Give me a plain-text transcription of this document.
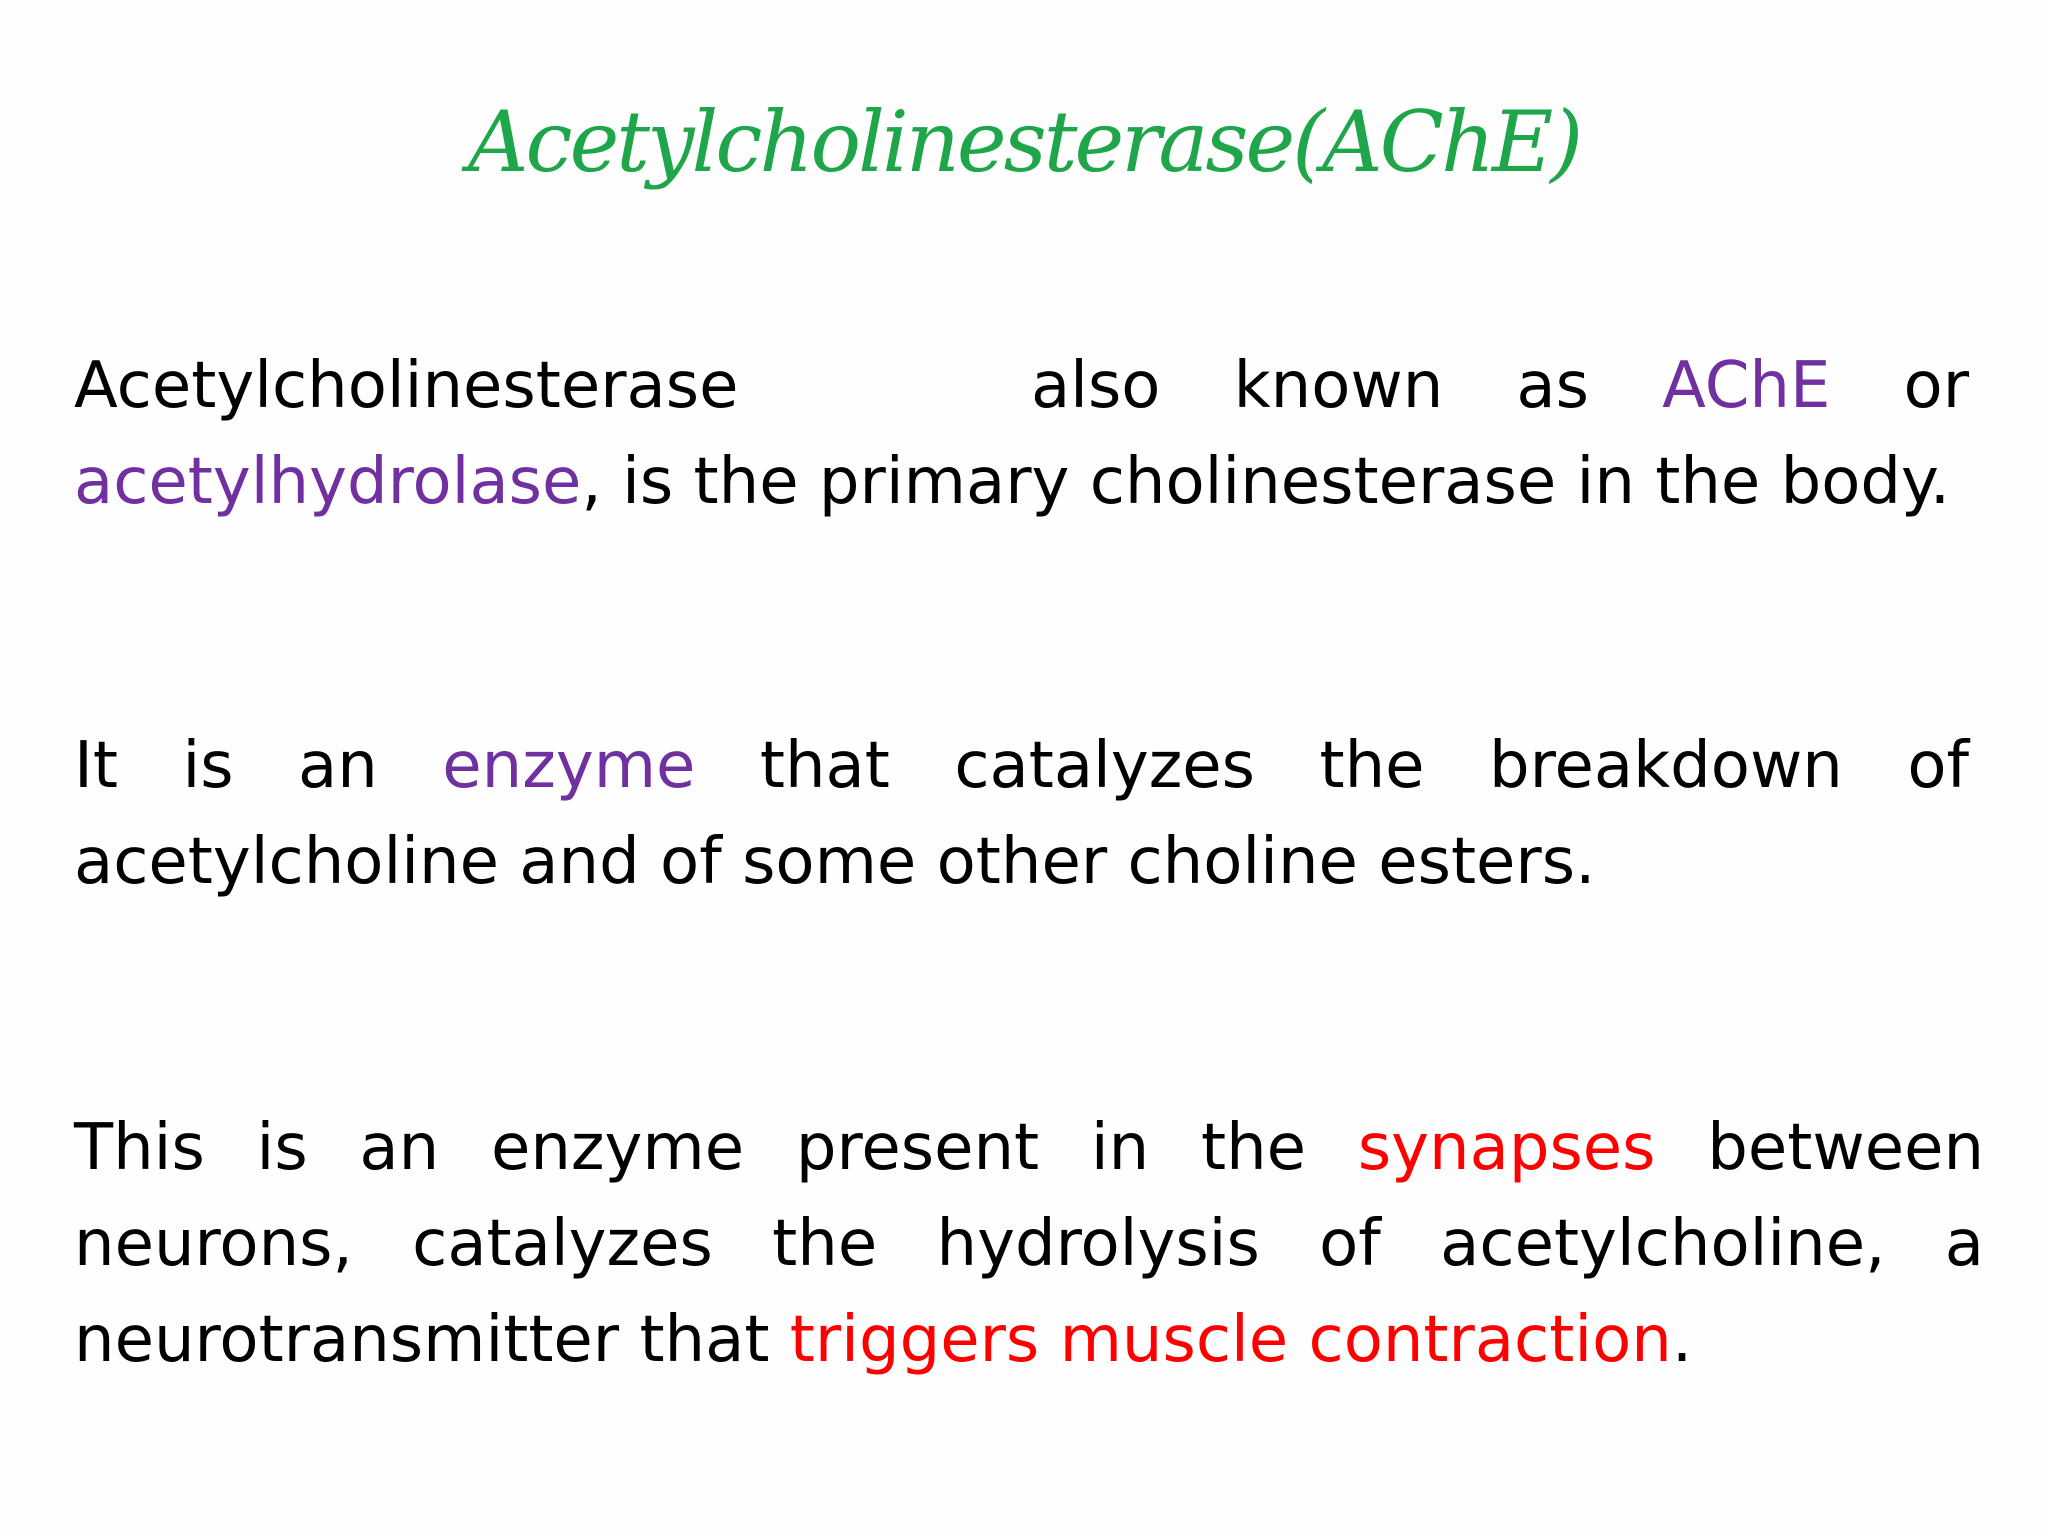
Acetylcholinesterase(AChE)
Acetylcholinesterase	also known as AChE or
acetylhydrolase, is the primary cholinesterase in the body.
It is an enzyme that catalyzes the breakdown of
acetylcholine and of some other choline esters.
This is an enzyme present in the synapses between
neurons, catalyzes the hydrolysis of acetylcholine, a
neurotransmitter that triggers muscle contraction.
